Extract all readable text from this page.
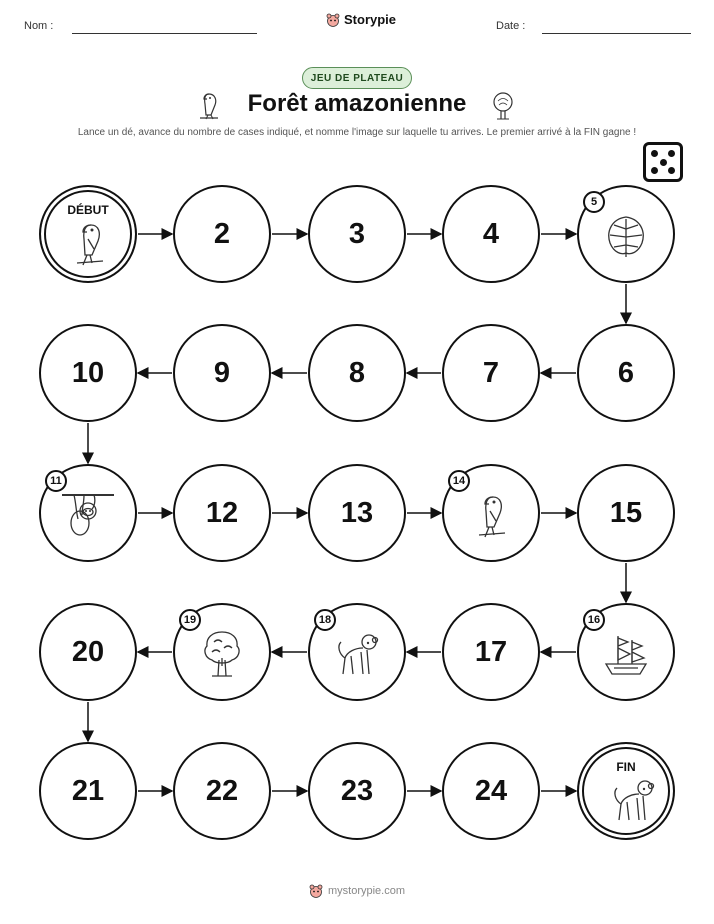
Nom :	Storypie	Date :
JEU DE PLATEAU
Forêt amazonienne
Lance un dé, avance du nombre de cases indiqué, et nomme l'image sur laquelle tu arrives. Le premier arrivé à la FIN gagne !
DÉBUT
2	3	4
5
6
7
8
9
10
11
12	13
14
15
16
17
18
19
20
21	22	23	24
FIN
mystorypie.com
